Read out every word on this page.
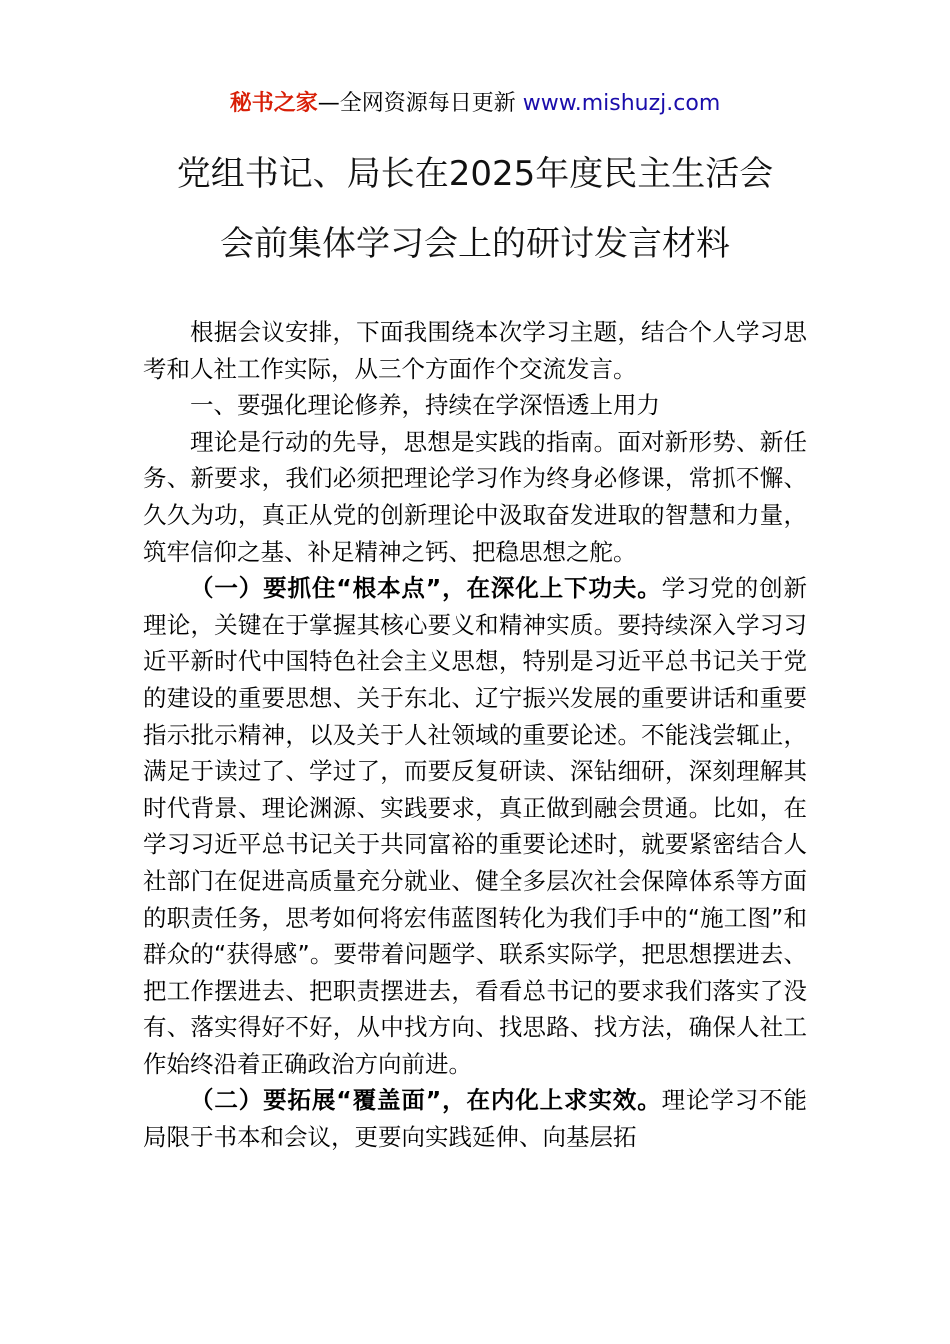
秘书之家—全网资源每日更新 www.mishuzj.com
党组书记、局长在2025年度民主生活会
会前集体学习会上的研讨发言材料

根据会议安排，下面我围绕本次学习主题，结合个人学习思考和人社工作实际，从三个方面作个交流发言。

一、要强化理论修养，持续在学深悟透上用力

理论是行动的先导，思想是实践的指南。面对新形势、新任务、新要求，我们必须把理论学习作为终身必修课，常抓不懈、久久为功，真正从党的创新理论中汲取奋发进取的智慧和力量，筑牢信仰之基、补足精神之钙、把稳思想之舵。

（一）要抓住“根本点”，在深化上下功夫。学习党的创新理论，关键在于掌握其核心要义和精神实质。要持续深入学习习近平新时代中国特色社会主义思想，特别是习近平总书记关于党的建设的重要思想、关于东北、辽宁振兴发展的重要讲话和重要指示批示精神，以及关于人社领域的重要论述。不能浅尝辄止，满足于读过了、学过了，而要反复研读、深钻细研，深刻理解其时代背景、理论渊源、实践要求，真正做到融会贯通。比如，在学习习近平总书记关于共同富裕的重要论述时，就要紧密结合人社部门在促进高质量充分就业、健全多层次社会保障体系等方面的职责任务，思考如何将宏伟蓝图转化为我们手中的“施工图”和群众的“获得感”。要带着问题学、联系实际学，把思想摆进去、把工作摆进去、把职责摆进去，看看总书记的要求我们落实了没有、落实得好不好，从中找方向、找思路、找方法，确保人社工作始终沿着正确政治方向前进。

（二）要拓展“覆盖面”，在内化上求实效。理论学习不能局限于书本和会议，更要向实践延伸、向基层拓
